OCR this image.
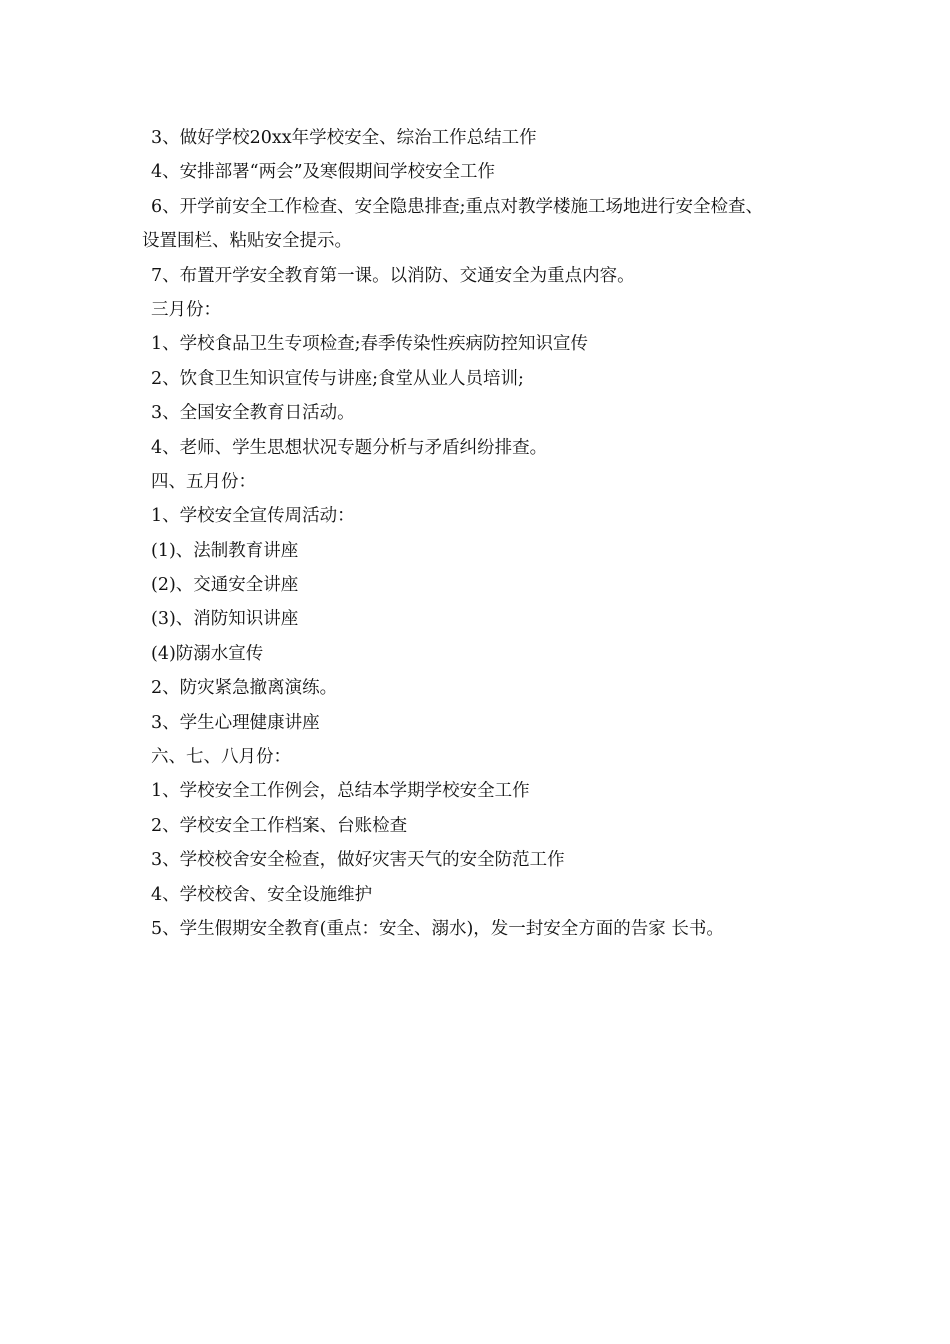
3、做好学校20xx年学校安全、综治工作总结工作
4、安排部署“两会”及寒假期间学校安全工作
6、开学前安全工作检查、安全隐患排查;重点对教学楼施工场地进行安全检查、
设置围栏、粘贴安全提示。
7、布置开学安全教育第一课。以消防、交通安全为重点内容。
三月份：
1、学校食品卫生专项检查;春季传染性疾病防控知识宣传
2、饮食卫生知识宣传与讲座;食堂从业人员培训;
3、全国安全教育日活动。
4、老师、学生思想状况专题分析与矛盾纠纷排查。
四、五月份：
1、学校安全宣传周活动：
(1)、法制教育讲座
(2)、交通安全讲座
(3)、消防知识讲座
(4)防溺水宣传
2、防灾紧急撤离演练。
3、学生心理健康讲座
六、七、八月份：
1、学校安全工作例会，总结本学期学校安全工作
2、学校安全工作档案、台账检查
3、学校校舍安全检查，做好灾害天气的安全防范工作
4、学校校舍、安全设施维护
5、学生假期安全教育(重点：安全、溺水)，发一封安全方面的告家 长书。
